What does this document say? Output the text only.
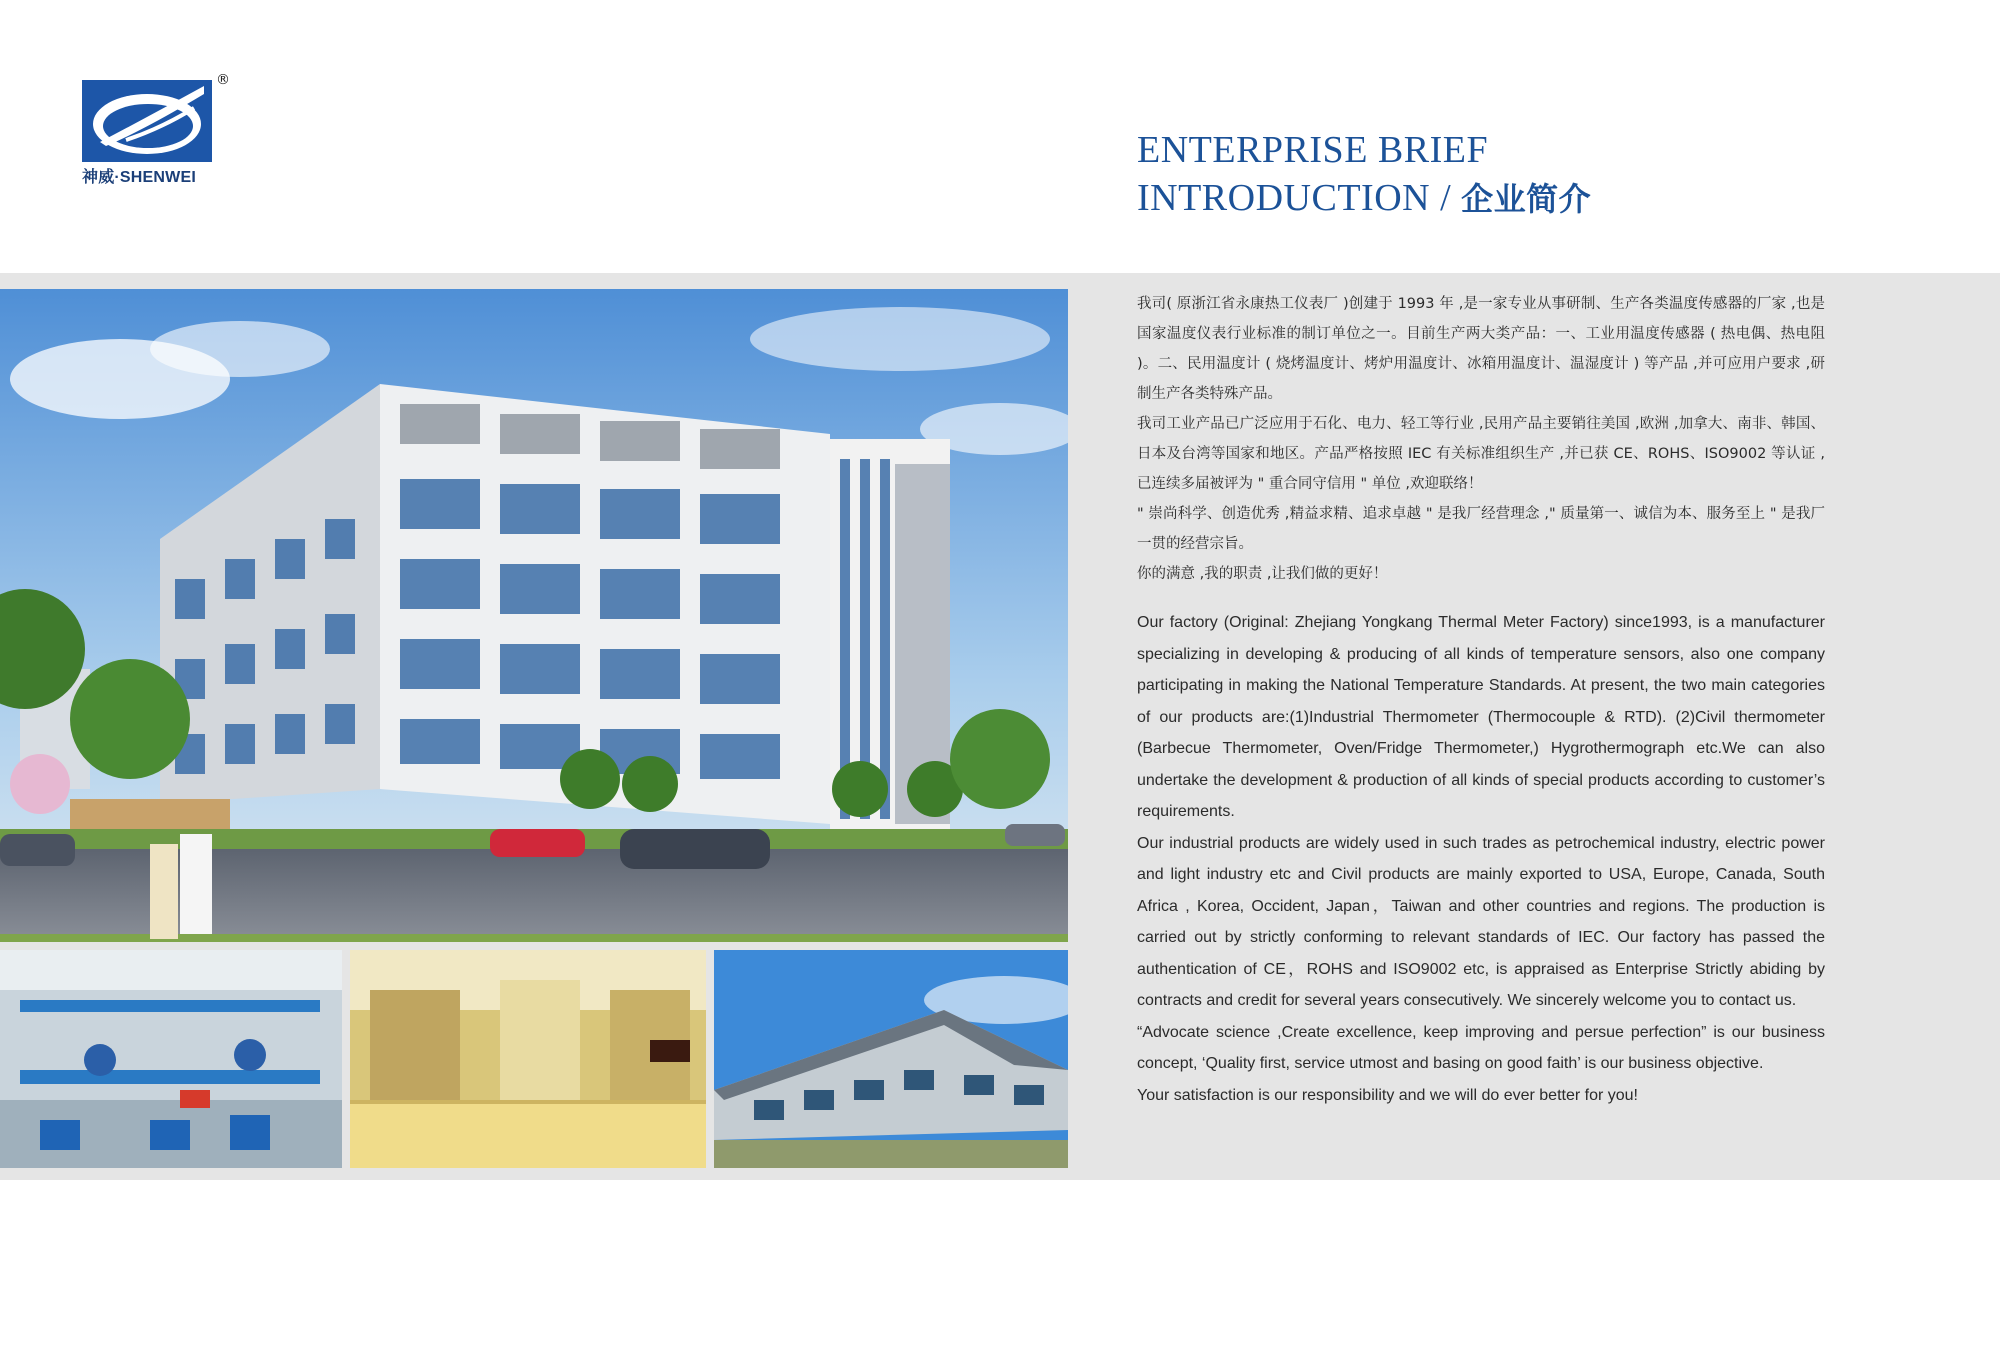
®
神威·SHENWEI
ENTERPRISE BRIEF
INTRODUCTION / 企业简介

我司( 原浙江省永康热工仪表厂 )创建于 1993 年 ,是一家专业从事研制、生产各类温度传感器的厂家 ,也是国家温度仪表行业标准的制订单位之一。目前生产两大类产品：一、工业用温度传感器 ( 热电偶、热电阻 )。二、民用温度计 ( 烧烤温度计、烤炉用温度计、冰箱用温度计、温湿度计 ) 等产品 ,并可应用户要求 ,研制生产各类特殊产品。

我司工业产品已广泛应用于石化、电力、轻工等行业 ,民用产品主要销往美国 ,欧洲 ,加拿大、南非、韩国、日本及台湾等国家和地区。产品严格按照 IEC 有关标准组织生产 ,并已获 CE、ROHS、ISO9002 等认证 ,已连续多届被评为 " 重合同守信用 " 单位 ,欢迎联络！

" 崇尚科学、创造优秀 ,精益求精、追求卓越 " 是我厂经营理念 ," 质量第一、诚信为本、服务至上 " 是我厂一贯的经营宗旨。

你的满意 ,我的职责 ,让我们做的更好！

Our factory (Original: Zhejiang Yongkang Thermal Meter Factory) since1993, is a manufacturer specializing in developing & producing of all kinds of temperature sensors, also one company participating in making the National Temperature Standards. At present, the two main categories of our products are:(1)Industrial Thermometer (Thermocouple & RTD). (2)Civil thermometer (Barbecue Thermometer, Oven/Fridge Thermometer,) Hygrothermograph etc.We can also undertake the development & production of all kinds of special products according to customer’s requirements.

Our industrial products are widely used in such trades as petrochemical industry, electric power and light industry etc and Civil products are mainly exported to USA, Europe, Canada, South Africa , Korea, Occident, Japan，Taiwan and other countries and regions. The production is carried out by strictly conforming to relevant standards of IEC. Our factory has passed the authentication of CE，ROHS and ISO9002 etc, is appraised as Enterprise Strictly abiding by contracts and credit for several years consecutively. We sincerely welcome you to contact us.

“Advocate science ,Create excellence, keep improving and persue perfection” is our business concept, ‘Quality first, service utmost and basing on good faith’ is our business objective.

Your satisfaction is our responsibility and we will do ever better for you!
